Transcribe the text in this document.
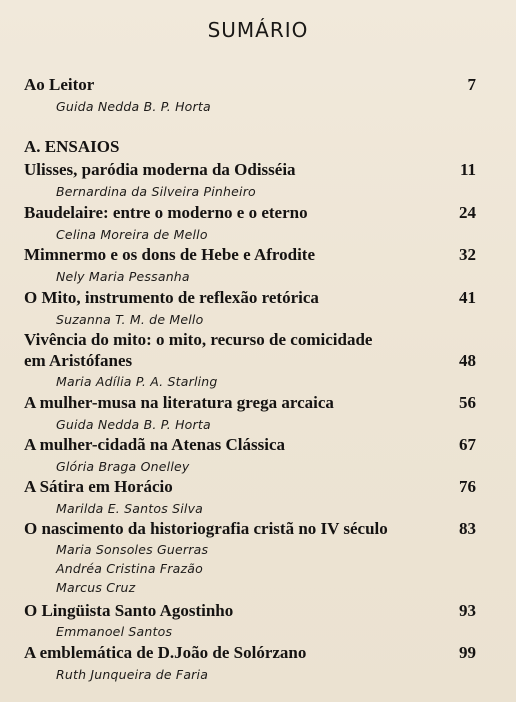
SUMÁRIO
Ao Leitor	7
Guida Nedda B. P. Horta
A. ENSAIOS
Ulisses, paródia moderna da Odisséia	11
Bernardina da Silveira Pinheiro
Baudelaire: entre o moderno e o eterno	24
Celina Moreira de Mello
Mimnermo e os dons de Hebe e Afrodite	32
Nely Maria Pessanha
O Mito, instrumento de reflexão retórica	41
Suzanna T. M. de Mello
Vivência do mito: o mito, recurso de comicidade
em Aristófanes	48
Maria Adília P. A. Starling
A mulher-musa na literatura grega arcaica	56
Guida Nedda B. P. Horta
A mulher-cidadã na Atenas Clássica	67
Glória Braga Onelley
A Sátira em Horácio	76
Marilda E. Santos Silva
O nascimento da historiografia cristã no IV século	83
Maria Sonsoles Guerras
Andréa Cristina Frazão
Marcus Cruz
O Lingüista Santo Agostinho	93
Emmanoel Santos
A emblemática de D.João de Solórzano	99
Ruth Junqueira de Faria
